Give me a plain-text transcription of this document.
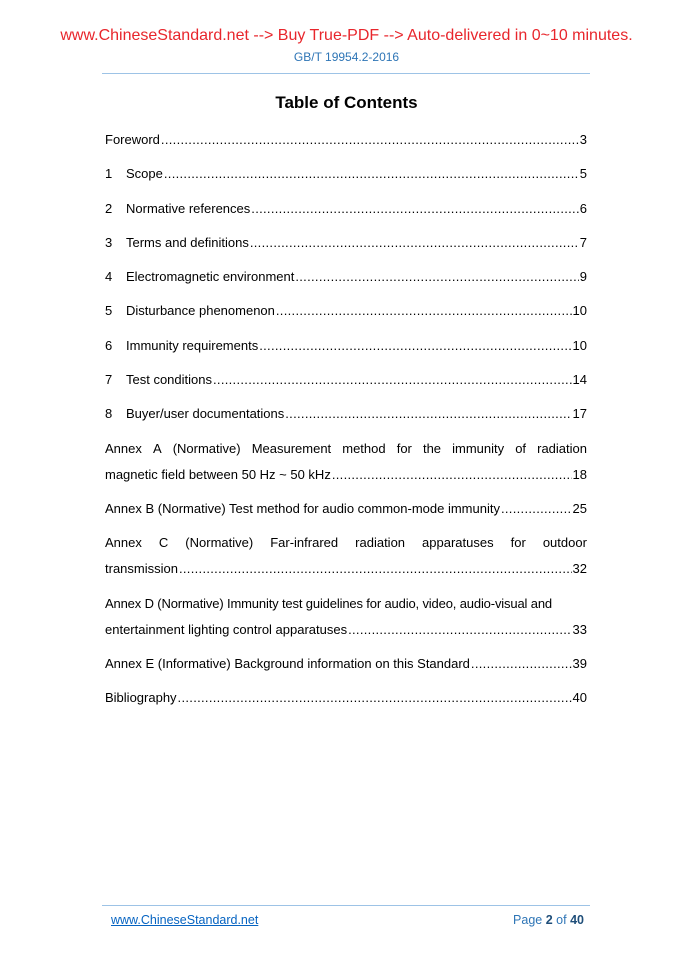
www.ChineseStandard.net --> Buy True-PDF --> Auto-delivered in 0~10 minutes.
GB/T 19954.2-2016
Table of Contents
Foreword .....	3
1	Scope .....	5
2	Normative references .....	6
3	Terms and definitions .....	7
4	Electromagnetic environment .....	9
5	Disturbance phenomenon .....	10
6	Immunity requirements .....	10
7	Test conditions .....	14
8	Buyer/user documentations .....	17
Annex A (Normative) Measurement method for the immunity of radiation
magnetic field between 50 Hz ~ 50 kHz .....	18
Annex B (Normative) Test method for audio common-mode immunity .....	25
Annex C (Normative) Far-infrared radiation apparatuses for outdoor
transmission .....	32
Annex D (Normative) Immunity test guidelines for audio, video, audio-visual and
entertainment lighting control apparatuses .....	33
Annex E (Informative) Background information on this Standard .....	39
Bibliography .....	40
www.ChineseStandard.net	Page 2 of 40
